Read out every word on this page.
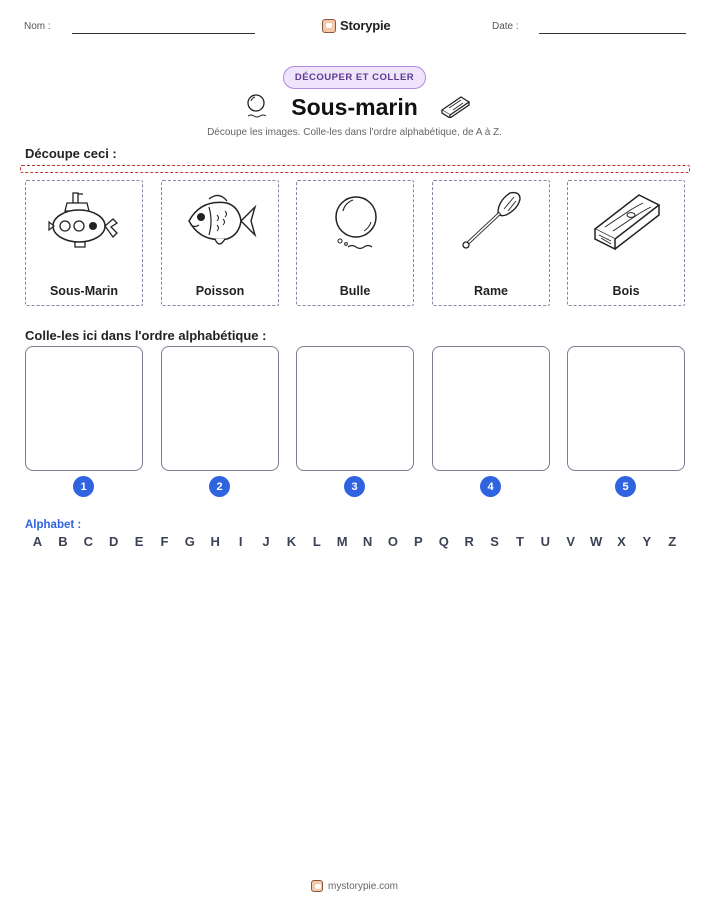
Nom :	Storypie	Date :
DÉCOUPER ET COLLER
Sous-marin
Découpe les images. Colle-les dans l'ordre alphabétique, de A à Z.
Découpe ceci :
Sous-Marin	Poisson	Bulle	Rame	Bois
Colle-les ici dans l'ordre alphabétique :
1	2	3	4	5
Alphabet :
A	B	C	D	E	F	G	H	I	J	K	L	M	N	O	P	Q	R	S	T	U	V	W	X	Y	Z
mystorypie.com
